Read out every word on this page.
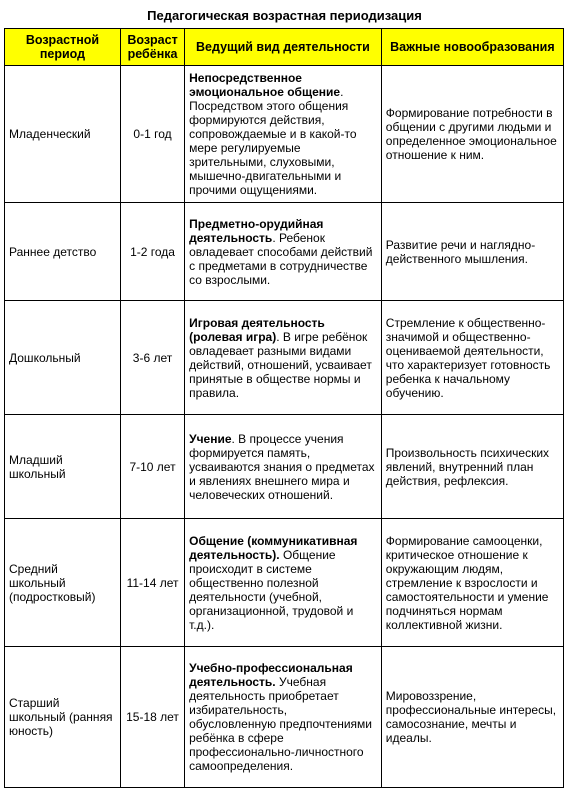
Педагогическая возрастная периодизация
Возрастной период	Возраст ребёнка	Ведущий вид деятельности	Важные новообразования
Младенческий	0-1 год	Непосредственное эмоциональное общение. Посредством этого общения формируются действия, сопровождаемые и в какой-то мере регулируемые зрительными, слуховыми, мышечно-двигательными и прочими ощущениями.	Формирование потребности в общении с другими людьми и определенное эмоциональное отношение к ним.
Раннее детство	1-2 года	Предметно-орудийная деятельность. Ребенок овладевает способами действий с предметами в сотрудничестве со взрослыми.	Развитие речи и наглядно-действенного мышления.
Дошкольный	3-6 лет	Игровая деятельность (ролевая игра). В игре ребёнок овладевает разными видами действий, отношений, усваивает принятые в обществе нормы и правила.	Стремление к общественно-значимой и общественно-оцениваемой деятельности, что характеризует готовность ребенка к начальному обучению.
Младший школьный	7-10 лет	Учение. В процессе учения формируется память, усваиваются знания о предметах и явлениях внешнего мира и человеческих отношений.	Произвольность психических явлений, внутренний план действия, рефлексия.
Средний школьный (подростковый)	11-14 лет	Общение (коммуникативная деятельность). Общение происходит в системе общественно полезной деятельности (учебной, организационной, трудовой и т.д.).	Формирование самооценки, критическое отношение к окружающим людям, стремление к взрослости и самостоятельности и умение подчиняться нормам коллективной жизни.
Старший школьный (ранняя юность)	15-18 лет	Учебно-профессиональная деятельность. Учебная деятельность приобретает избирательность, обусловленную предпочтениями ребёнка в сфере профессионально-личностного самоопределения.	Мировоззрение, профессиональные интересы, самосознание, мечты и идеалы.
